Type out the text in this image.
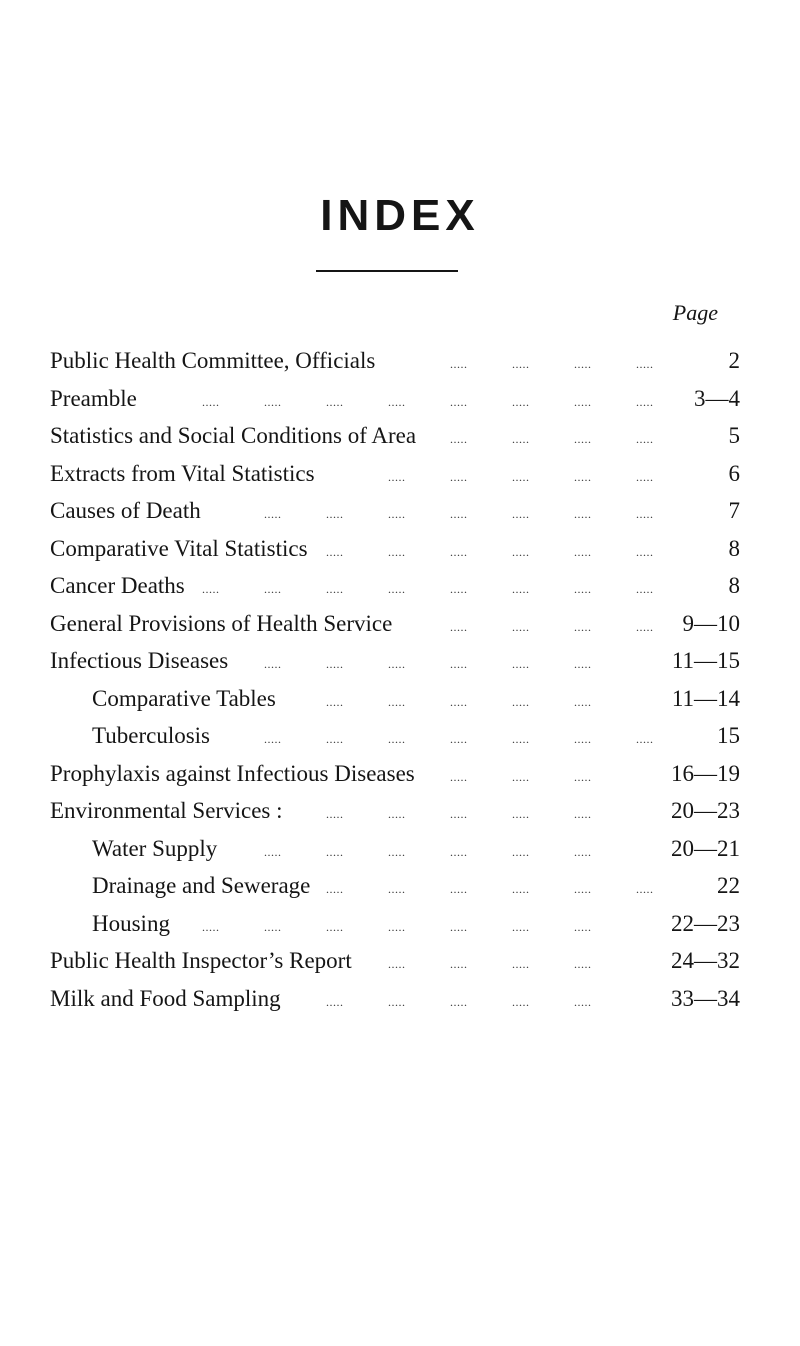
INDEX
Page
Public Health Committee, Officials	2
.....	.....	.....	.....
Preamble	3—4
.....	.....	.....	.....	.....	.....	.....	.....
Statistics and Social Conditions of Area	5
.....	.....	.....	.....
Extracts from Vital Statistics	6
.....	.....	.....	.....	.....
Causes of Death	7
.....	.....	.....	.....	.....	.....	.....
Comparative Vital Statistics	8
.....	.....	.....	.....	.....	.....
Cancer Deaths	8
.....	.....	.....	.....	.....	.....	.....	.....
General Provisions of Health Service	9—10
.....	.....	.....	.....
Infectious Diseases	11—15
.....	.....	.....	.....	.....	.....
Comparative Tables	11—14
.....	.....	.....	.....	.....
Tuberculosis	15
.....	.....	.....	.....	.....	.....	.....
Prophylaxis against Infectious Diseases	16—19
.....	.....	.....
Environmental Services :	20—23
.....	.....	.....	.....	.....
Water Supply	20—21
.....	.....	.....	.....	.....	.....
Drainage and Sewerage	22
.....	.....	.....	.....	.....	.....
Housing	22—23
.....	.....	.....	.....	.....	.....	.....
Public Health Inspector’s Report	24—32
.....	.....	.....	.....
Milk and Food Sampling	33—34
.....	.....	.....	.....	.....
